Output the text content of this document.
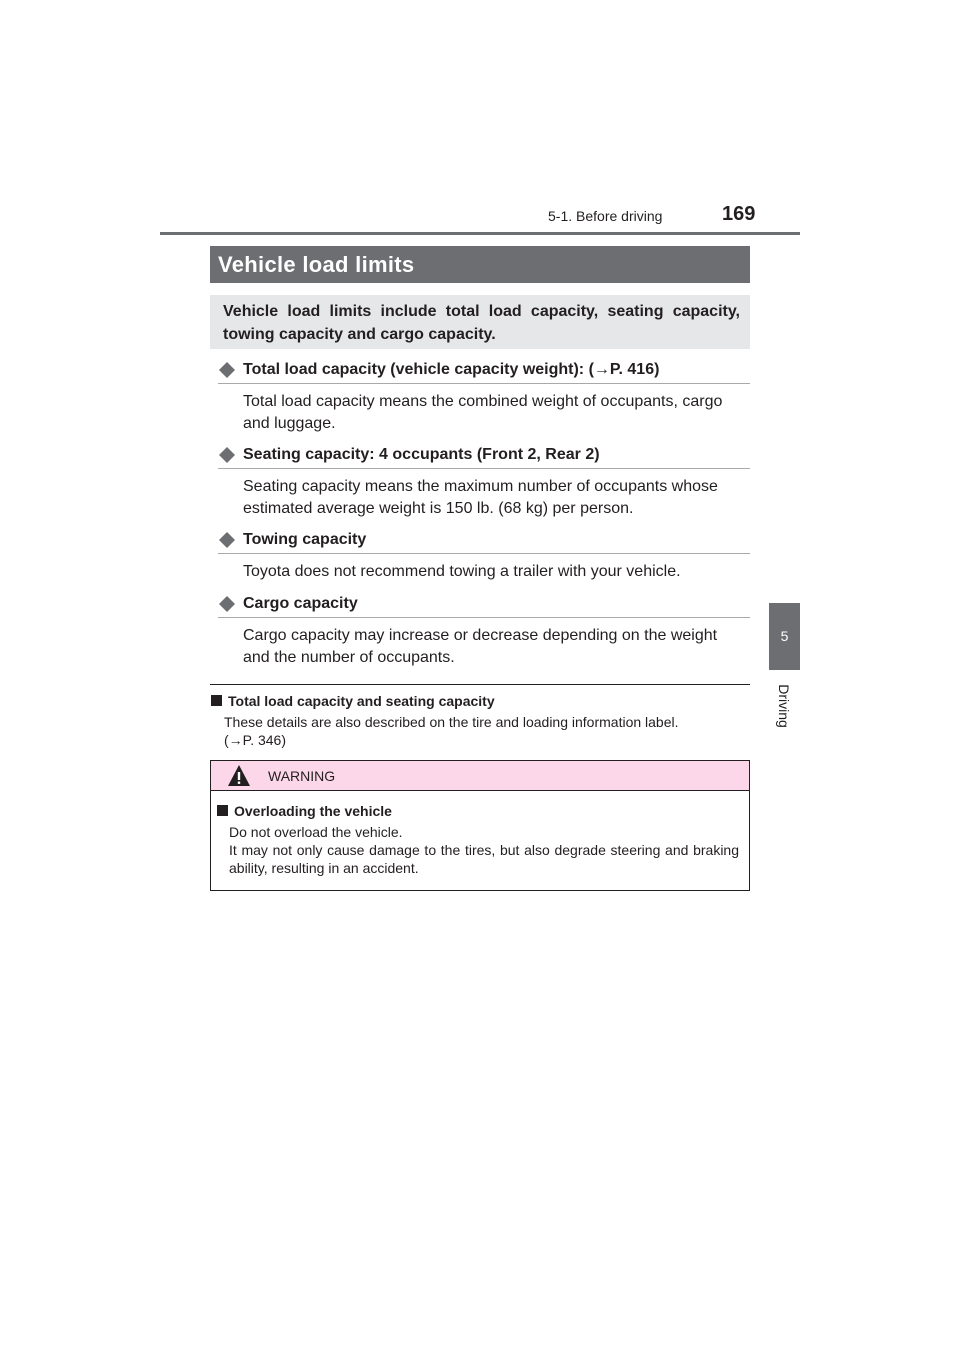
5-1. Before driving	169
5
Driving
Vehicle load limits
Vehicle load limits include total load capacity, seating capacity, towing capacity and cargo capacity.
Total load capacity (vehicle capacity weight): (→P. 416)
Total load capacity means the combined weight of occupants, cargo and luggage.
Seating capacity: 4 occupants (Front 2, Rear 2)
Seating capacity means the maximum number of occupants whose estimated average weight is 150 lb. (68 kg) per person.
Towing capacity
Toyota does not recommend towing a trailer with your vehicle.
Cargo capacity
Cargo capacity may increase or decrease depending on the weight and the number of occupants.
Total load capacity and seating capacity
These details are also described on the tire and loading information label.
(→P. 346)
WARNING
Overloading the vehicle
Do not overload the vehicle.
It may not only cause damage to the tires, but also degrade steering and braking ability, resulting in an accident.
